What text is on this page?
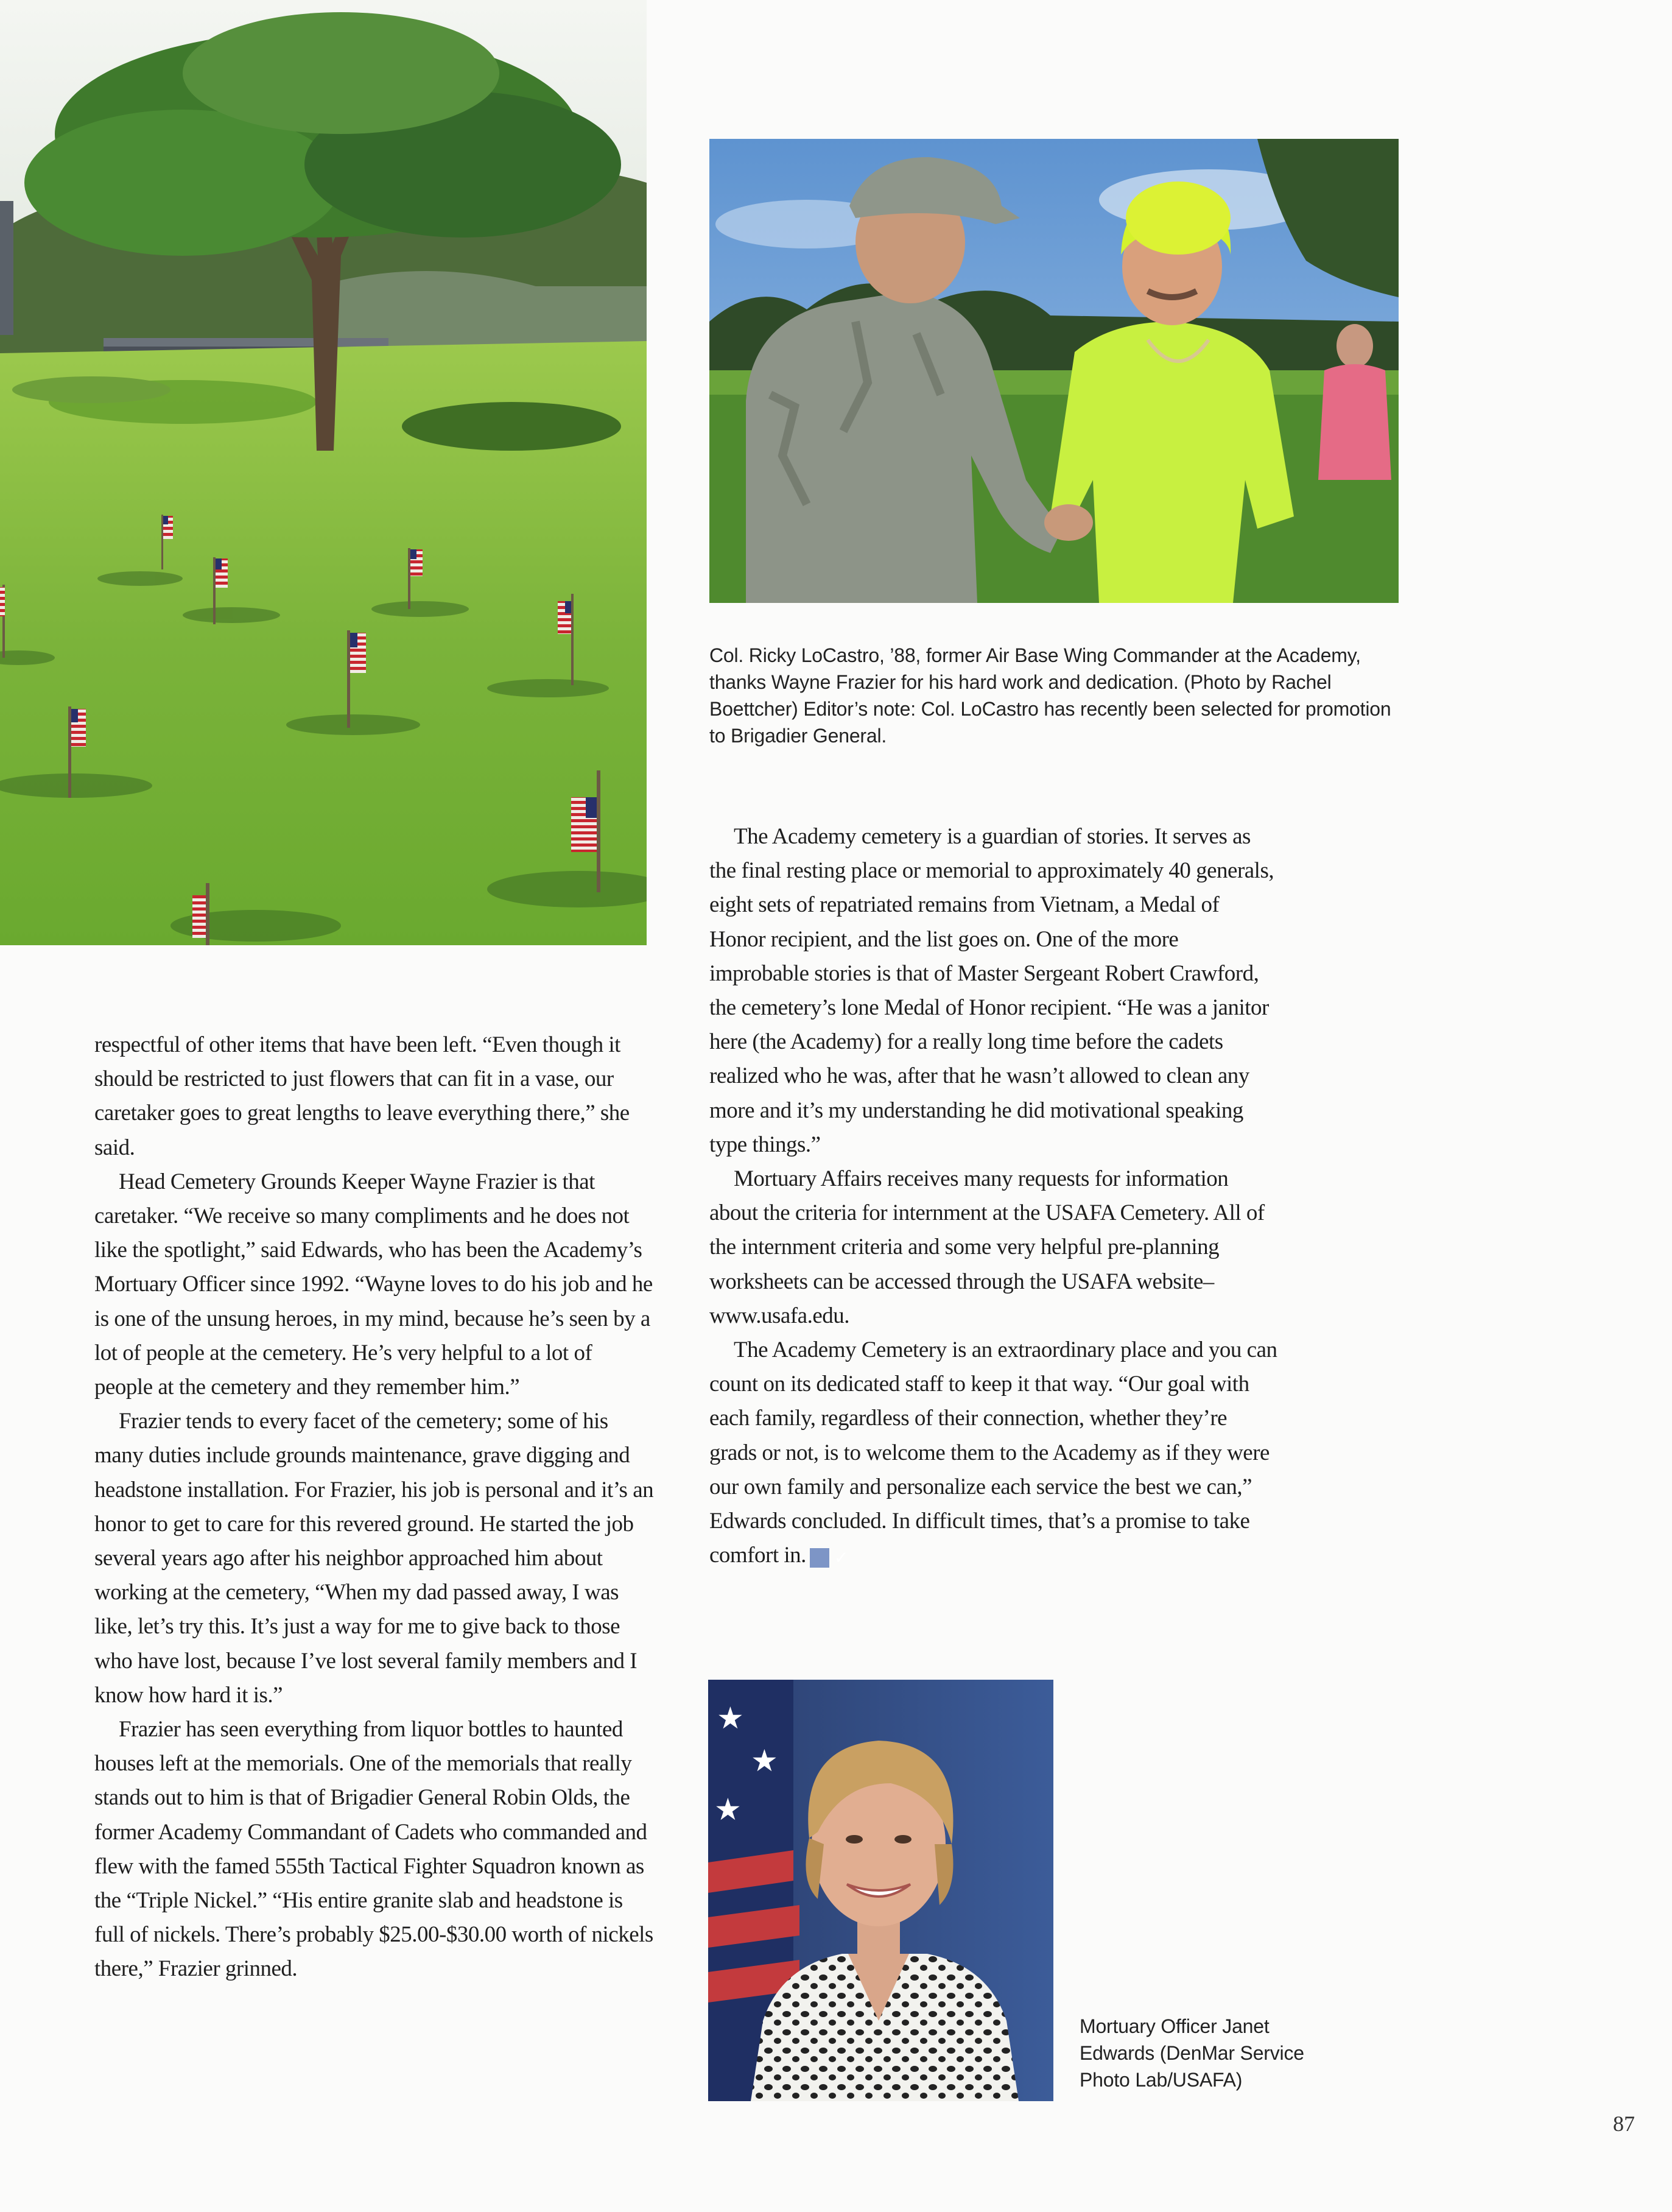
★
★
★

Col. Ricky LoCastro, ’88, former Air Base Wing Commander at the Academy, thanks Wayne Frazier for his hard work and dedication. (Photo by Rachel Boettcher) Editor’s note: Col. LoCastro has recently been selected for promotion to Brigadier General.

Mortuary Officer Janet Edwards (DenMar Service Photo Lab/USAFA)

respectful of other items that have been left. “Even though it should be restricted to just flowers that can fit in a vase, our caretaker goes to great lengths to leave everything there,” she said.

Head Cemetery Grounds Keeper Wayne Frazier is that caretaker. “We receive so many compliments and he does not like the spotlight,” said Edwards, who has been the Academy’s Mortuary Officer since 1992. “Wayne loves to do his job and he is one of the unsung heroes, in my mind, because he’s seen by a lot of people at the cemetery. He’s very helpful to a lot of people at the cemetery and they remember him.”

Frazier tends to every facet of the cemetery; some of his many duties include grounds maintenance, grave digging and headstone installation. For Frazier, his job is personal and it’s an honor to get to care for this revered ground. He started the job several years ago after his neighbor approached him about working at the cemetery, “When my dad passed away, I was like, let’s try this. It’s just a way for me to give back to those who have lost, because I’ve lost several family members and I know how hard it is.”

Frazier has seen everything from liquor bottles to haunted houses left at the memorials. One of the memorials that really stands out to him is that of Brigadier General Robin Olds, the former Academy Commandant of Cadets who commanded and flew with the famed 555th Tactical Fighter Squadron known as the “Triple Nickel.” “His entire granite slab and headstone is full of nickels. There’s probably $25.00-$30.00 worth of nickels there,” Frazier grinned.

The Academy cemetery is a guardian of stories. It serves as the final resting place or memorial to approximately 40 generals, eight sets of repatriated remains from Vietnam, a Medal of Honor recipient, and the list goes on. One of the more improbable stories is that of Master Sergeant Robert Crawford, the cemetery’s lone Medal of Honor recipient. “He was a janitor here (the Academy) for a really long time before the cadets realized who he was, after that he wasn’t allowed to clean any more and it’s my understanding he did motivational speaking type things.”

Mortuary Affairs receives many requests for information about the criteria for internment at the USAFA Cemetery. All of the internment criteria and some very helpful pre-planning worksheets can be accessed through the USAFA website–www.usafa.edu.

The Academy Cemetery is an extraordinary place and you can count on its dedicated staff to keep it that way. “Our goal with each family, regardless of their connection, whether they’re grads or not, is to welcome them to the Academy as if they were our own family and personalize each service the best we can,” Edwards concluded. In difficult times, that’s a promise to take comfort in. ✓

87
